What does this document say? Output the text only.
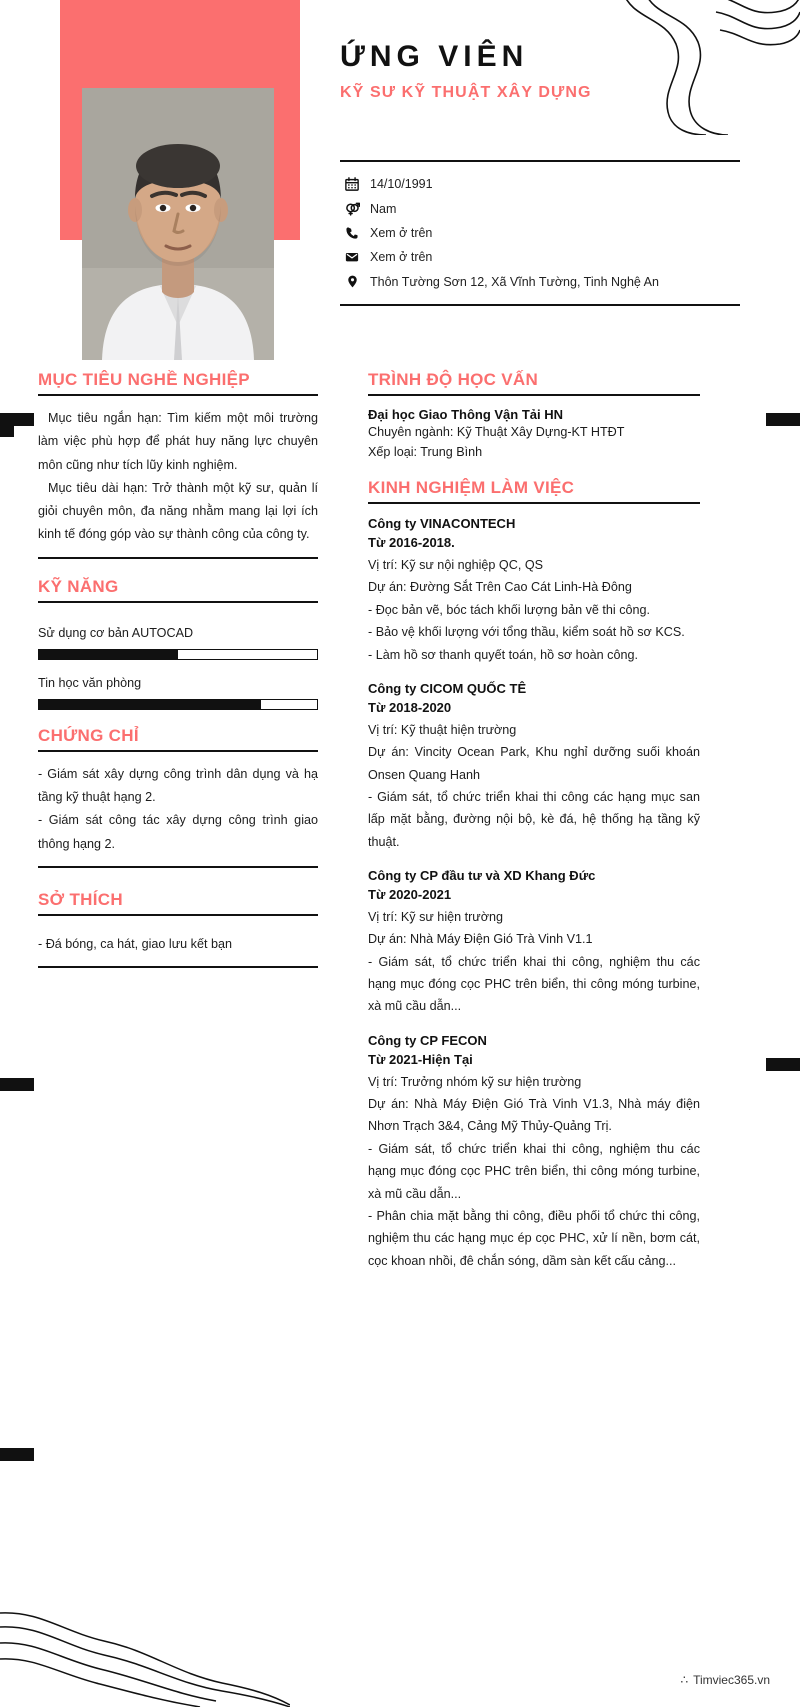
ỨNG VIÊN
KỸ SƯ KỸ THUẬT XÂY DỰNG
14/10/1991
Nam
Xem ở trên
Xem ở trên
Thôn Tường Sơn 12, Xã Vĩnh Tường, Tinh Nghệ An
MỤC TIÊU NGHỀ NGHIỆP

Mục tiêu ngắn hạn: Tìm kiếm một môi trường làm việc phù hợp để phát huy năng lực chuyên môn cũng như tích lũy kinh nghiệm.

Mục tiêu dài hạn: Trở thành một kỹ sư, quản lí giỏi chuyên môn, đa năng nhằm mang lại lợi ích kinh tế đóng góp vào sự thành công của công ty.

KỸ NĂNG
Sử dụng cơ bản AUTOCAD
Tin học văn phòng
CHỨNG CHỈ
- Giám sát xây dựng công trình dân dụng và hạ tầng kỹ thuật hạng 2.
- Giám sát công tác xây dựng công trình giao thông hạng 2.
SỞ THÍCH
- Đá bóng, ca hát, giao lưu kết bạn
TRÌNH ĐỘ HỌC VẤN
Đại học Giao Thông Vận Tải HN
Chuyên ngành: Kỹ Thuật Xây Dựng-KT HTĐT
Xếp loại: Trung Bình
KINH NGHIỆM LÀM VIỆC
Công ty VINACONTECH
Từ 2016-2018.
Vị trí: Kỹ sư nội nghiệp QC, QS
Dự án: Đường Sắt Trên Cao Cát Linh-Hà Đông
- Đọc bản vẽ, bóc tách khối lượng bản vẽ thi công.
- Bảo vệ khối lượng với tổng thầu, kiểm soát hồ sơ KCS.
- Làm hồ sơ thanh quyết toán, hồ sơ hoàn công.
Công ty CICOM QUỐC TÊ
Từ 2018-2020
Vị trí: Kỹ thuật hiện trường
Dự án: Vincity Ocean Park, Khu nghỉ dưỡng suối khoán Onsen Quang Hanh
- Giám sát, tổ chức triển khai thi công các hạng mục san lấp mặt bằng, đường nội bộ, kè đá, hệ thống hạ tầng kỹ thuật.
Công ty CP đầu tư và XD Khang Đức
Từ 2020-2021
Vị trí: Kỹ sư hiện trường
Dự án: Nhà Máy Điện Gió Trà Vinh V1.1
- Giám sát, tổ chức triển khai thi công, nghiệm thu các hạng mục đóng cọc PHC trên biển, thi công móng turbine, xà mũ cầu dẫn...
Công ty CP FECON
Từ 2021-Hiện Tại
Vị trí: Trưởng nhóm kỹ sư hiện trường
Dự án: Nhà Máy Điện Gió Trà Vinh V1.3, Nhà máy điện Nhơn Trạch 3&4, Cảng Mỹ Thủy-Quảng Trị.
- Giám sát, tổ chức triển khai thi công, nghiệm thu các hạng mục đóng cọc PHC trên biển, thi công móng turbine, xà mũ cầu dẫn...
- Phân chia mặt bằng thi công, điều phối tổ chức thi công, nghiệm thu các hạng mục ép cọc PHC, xử lí nền, bơm cát, cọc khoan nhồi, đê chắn sóng, dầm sàn kết cấu cảng...
∴ Timviec365.vn
